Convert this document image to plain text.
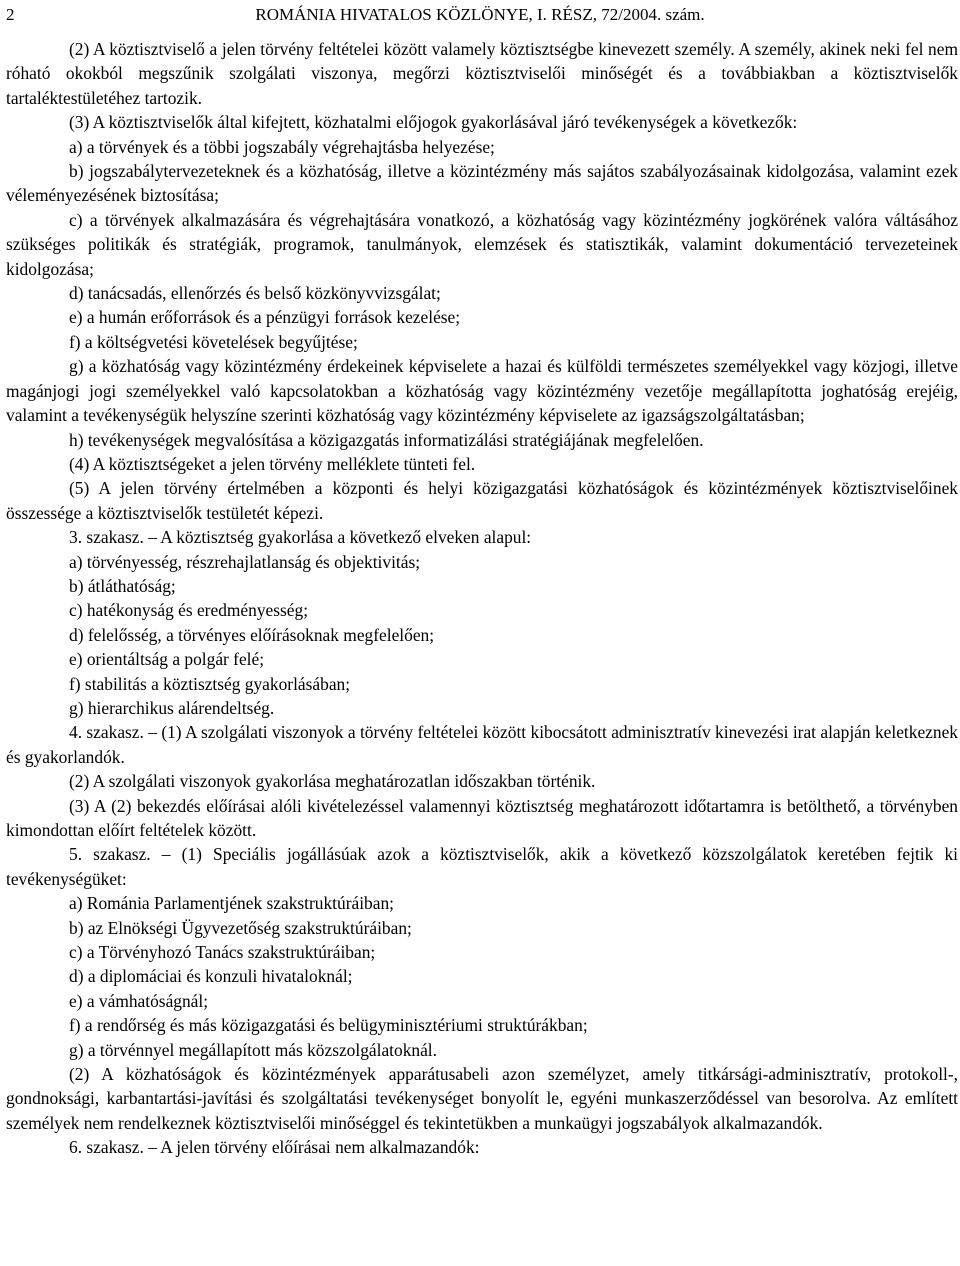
2	ROMÁNIA HIVATALOS KÖZLÖNYE, I. RÉSZ, 72/2004. szám.

(2) A köztisztviselő a jelen törvény feltételei között valamely köztisztségbe kinevezett személy. A személy, akinek neki fel nem róható okokból megszűnik szolgálati viszonya, megőrzi köztisztviselői minőségét és a továbbiakban a köztisztviselők tartaléktestületéhez tartozik.

(3) A köztisztviselők által kifejtett, közhatalmi előjogok gyakorlásával járó tevékenységek a következők:

a) a törvények és a többi jogszabály végrehajtásba helyezése;

b) jogszabálytervezeteknek és a közhatóság, illetve a közintézmény más sajátos szabályozásainak kidolgozása, valamint ezek véleményezésének biztosítása;

c) a törvények alkalmazására és végrehajtására vonatkozó, a közhatóság vagy közintézmény jogkörének valóra váltásához szükséges politikák és stratégiák, programok, tanulmányok, elemzések és statisztikák, valamint dokumentáció tervezeteinek kidolgozása;

d) tanácsadás, ellenőrzés és belső közkönyvvizsgálat;

e) a humán erőforrások és a pénzügyi források kezelése;

f) a költségvetési követelések begyűjtése;

g) a közhatóság vagy közintézmény érdekeinek képviselete a hazai és külföldi természetes személyekkel vagy közjogi, illetve magánjogi jogi személyekkel való kapcsolatokban a közhatóság vagy közintézmény vezetője megállapította joghatóság erejéig, valamint a tevékenységük helyszíne szerinti közhatóság vagy közintézmény képviselete az igazságszolgáltatásban;

h) tevékenységek megvalósítása a közigazgatás informatizálási stratégiájának megfelelően.

(4) A köztisztségeket a jelen törvény melléklete tünteti fel.

(5) A jelen törvény értelmében a központi és helyi közigazgatási közhatóságok és közintézmények köztisztviselőinek összessége a köztisztviselők testületét képezi.

3. szakasz. – A köztisztség gyakorlása a következő elveken alapul:

a) törvényesség, részrehajlatlanság és objektivitás;

b) átláthatóság;

c) hatékonyság és eredményesség;

d) felelősség, a törvényes előírásoknak megfelelően;

e) orientáltság a polgár felé;

f) stabilitás a köztisztség gyakorlásában;

g) hierarchikus alárendeltség.

4. szakasz. – (1) A szolgálati viszonyok a törvény feltételei között kibocsátott adminisztratív kinevezési irat alapján keletkeznek és gyakorlandók.

(2) A szolgálati viszonyok gyakorlása meghatározatlan időszakban történik.

(3) A (2) bekezdés előírásai alóli kivételezéssel valamennyi köztisztség meghatározott időtartamra is betölthető, a törvényben kimondottan előírt feltételek között.

5. szakasz. – (1) Speciális jogállásúak azok a köztisztviselők, akik a következő közszolgálatok keretében fejtik ki tevékenységüket:

a) Románia Parlamentjének szakstruktúráiban;

b) az Elnökségi Ügyvezetőség szakstruktúráiban;

c) a Törvényhozó Tanács szakstruktúráiban;

d) a diplomáciai és konzuli hivataloknál;

e) a vámhatóságnál;

f) a rendőrség és más közigazgatási és belügyminisztériumi struktúrákban;

g) a törvénnyel megállapított más közszolgálatoknál.

(2) A közhatóságok és közintézmények apparátusabeli azon személyzet, amely titkársági-adminisztratív, protokoll-, gondnoksági, karbantartási-javítási és szolgáltatási tevékenységet bonyolít le, egyéni munkaszerződéssel van besorolva. Az említett személyek nem rendelkeznek köztisztviselői minőséggel és tekintetükben a munkaügyi jogszabályok alkalmazandók.

6. szakasz. – A jelen törvény előírásai nem alkalmazandók:
